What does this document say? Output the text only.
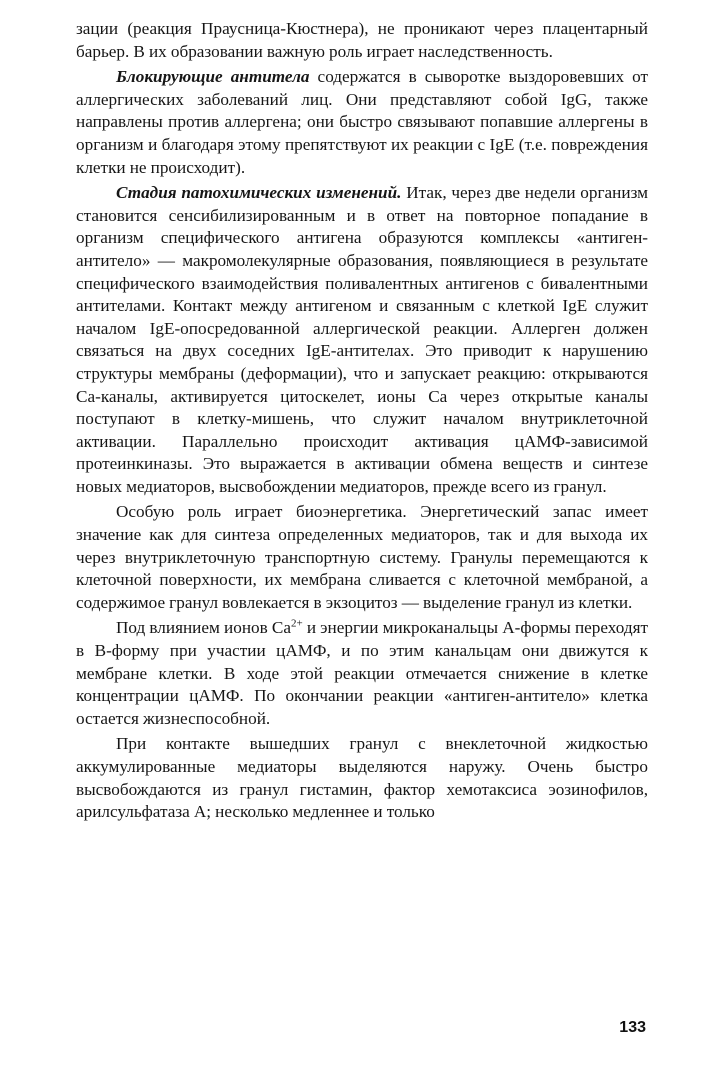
зации (реакция Праусница-Кюстнера), не проникают через плацентарный барьер. В их образовании важную роль играет наследственность.

Блокирующие антитела содержатся в сыворотке выздоровевших от аллергических заболеваний лиц. Они представляют собой IgG, также направлены против аллергена; они быстро связывают попавшие аллергены в организм и благодаря этому препятствуют их реакции с IgE (т.е. повреждения клетки не происходит).

Стадия патохимических изменений. Итак, через две недели организм становится сенсибилизированным и в ответ на повторное попадание в организм специфического антигена образуются комплексы «антиген-антитело» — макромолекулярные образования, появляющиеся в результате специфического взаимодействия поливалентных антигенов с бивалентными антителами. Контакт между антигеном и связанным с клеткой IgE служит началом IgE-опосредованной аллергической реакции. Аллерген должен связаться на двух соседних IgE-антителах. Это приводит к нарушению структуры мембраны (деформации), что и запускает реакцию: открываются Са-каналы, активируется цитоскелет, ионы Са через открытые каналы поступают в клетку-мишень, что служит началом внутриклеточной активации. Параллельно происходит активация цАМФ-зависимой протеинкиназы. Это выражается в активации обмена веществ и синтезе новых медиаторов, высвобождении медиаторов, прежде всего из гранул.

Особую роль играет биоэнергетика. Энергетический запас имеет значение как для синтеза определенных медиаторов, так и для выхода их через внутриклеточную транспортную систему. Гранулы перемещаются к клеточной поверхности, их мембрана сливается с клеточной мембраной, а содержимое гранул вовлекается в экзоцитоз — выделение гранул из клетки.

Под влиянием ионов $Са^{2+}$ и энергии микроканальцы А-формы переходят в В-форму при участии цАМФ, и по этим канальцам они движутся к мембране клетки. В ходе этой реакции отмечается снижение в клетке концентрации цАМФ. По окончании реакции «антиген-антитело» клетка остается жизнеспособной.

При контакте вышедших гранул с внеклеточной жидкостью аккумулированные медиаторы выделяются наружу. Очень быстро высвобождаются из гранул гистамин, фактор хемотаксиса эозинофилов, арилсульфатаза А; несколько медленнее и только

133
